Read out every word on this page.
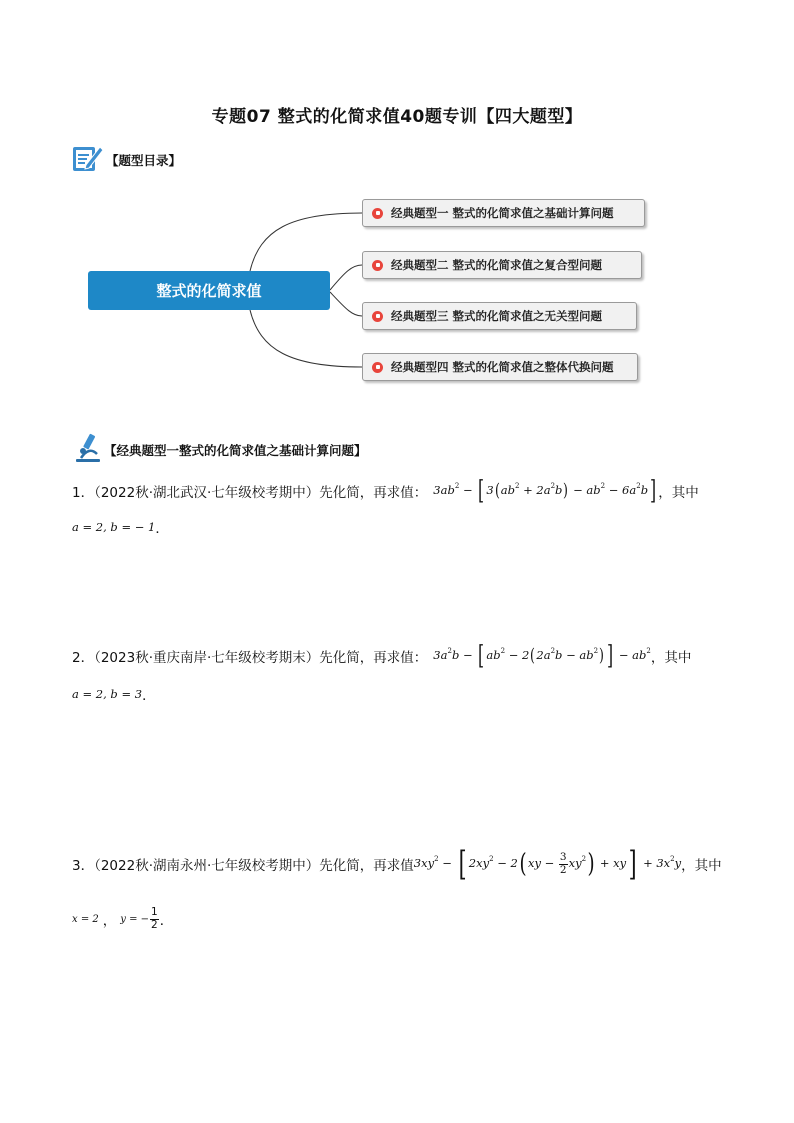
专题07 整式的化简求值40题专训【四大题型】
【题型目录】
整式的化简求值
经典题型一 整式的化简求值之基础计算问题
经典题型二 整式的化简求值之复合型问题
经典题型三 整式的化简求值之无关型问题
经典题型四 整式的化简求值之整体代换问题
【经典题型一整式的化简求值之基础计算问题】
1．（2022秋·湖北武汉·七年级校考期中）先化简，再求值： $3ab^2$ − [ $3(ab^2 + 2a^2b) - ab^2 - 6a^2b$] ，其中
a = 2, b = − 1 ．
2．（2023秋·重庆南岸·七年级校考期末）先化简，再求值： $3a^2b$ − [ $ab^2 - 2(2a^2b - ab^2)$ ] − $ab^2$ ，其中
a = 2, b = 3 ．
3．（2022秋·湖南永州·七年级校考期中）先化简，再求值 $3xy^2$ − [ $2xy^2 - 2$( xy − $\frac{3}{2} xy^2) + xy] + 3x^2y$ ，其中
x = 2 ， y = − $\frac{1}{2}$ ．
